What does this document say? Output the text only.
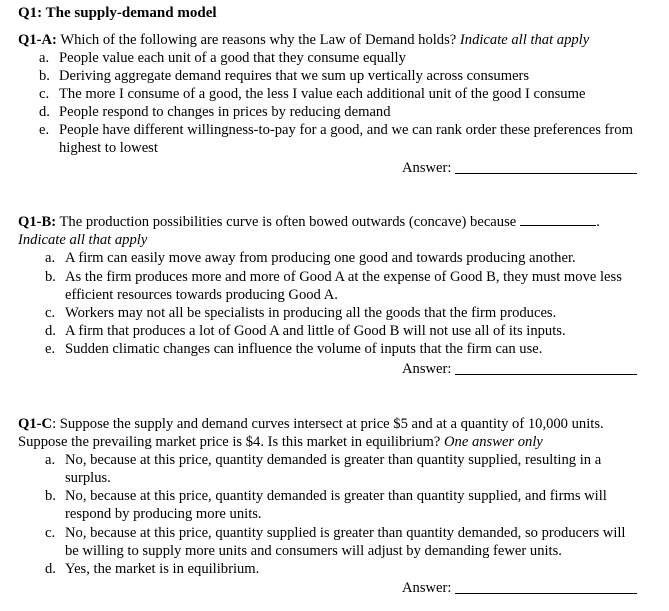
Q1: The supply-demand model
Q1-A: Which of the following are reasons why the Law of Demand holds? Indicate all that apply
a. People value each unit of a good that they consume equally
b. Deriving aggregate demand requires that we sum up vertically across consumers
c. The more I consume of a good, the less I value each additional unit of the good I consume
d. People respond to changes in prices by reducing demand
e. People have different willingness-to-pay for a good, and we can rank order these preferences from
highest to lowest
Answer:
Q1-B: The production possibilities curve is often bowed outwards (concave) because	.
Indicate all that apply
a. A firm can easily move away from producing one good and towards producing another.
b. As the firm produces more and more of Good A at the expense of Good B, they must move less
efficient resources towards producing Good A.
c. Workers may not all be specialists in producing all the goods that the firm produces.
d. A firm that produces a lot of Good A and little of Good B will not use all of its inputs.
e. Sudden climatic changes can influence the volume of inputs that the firm can use.
Answer:
Q1-C: Suppose the supply and demand curves intersect at price $5 and at a quantity of 10,000 units.
Suppose the prevailing market price is $4. Is this market in equilibrium? One answer only
a. No, because at this price, quantity demanded is greater than quantity supplied, resulting in a
surplus.
b. No, because at this price, quantity demanded is greater than quantity supplied, and firms will
respond by producing more units.
c. No, because at this price, quantity supplied is greater than quantity demanded, so producers will
be willing to supply more units and consumers will adjust by demanding fewer units.
d. Yes, the market is in equilibrium.
Answer:
